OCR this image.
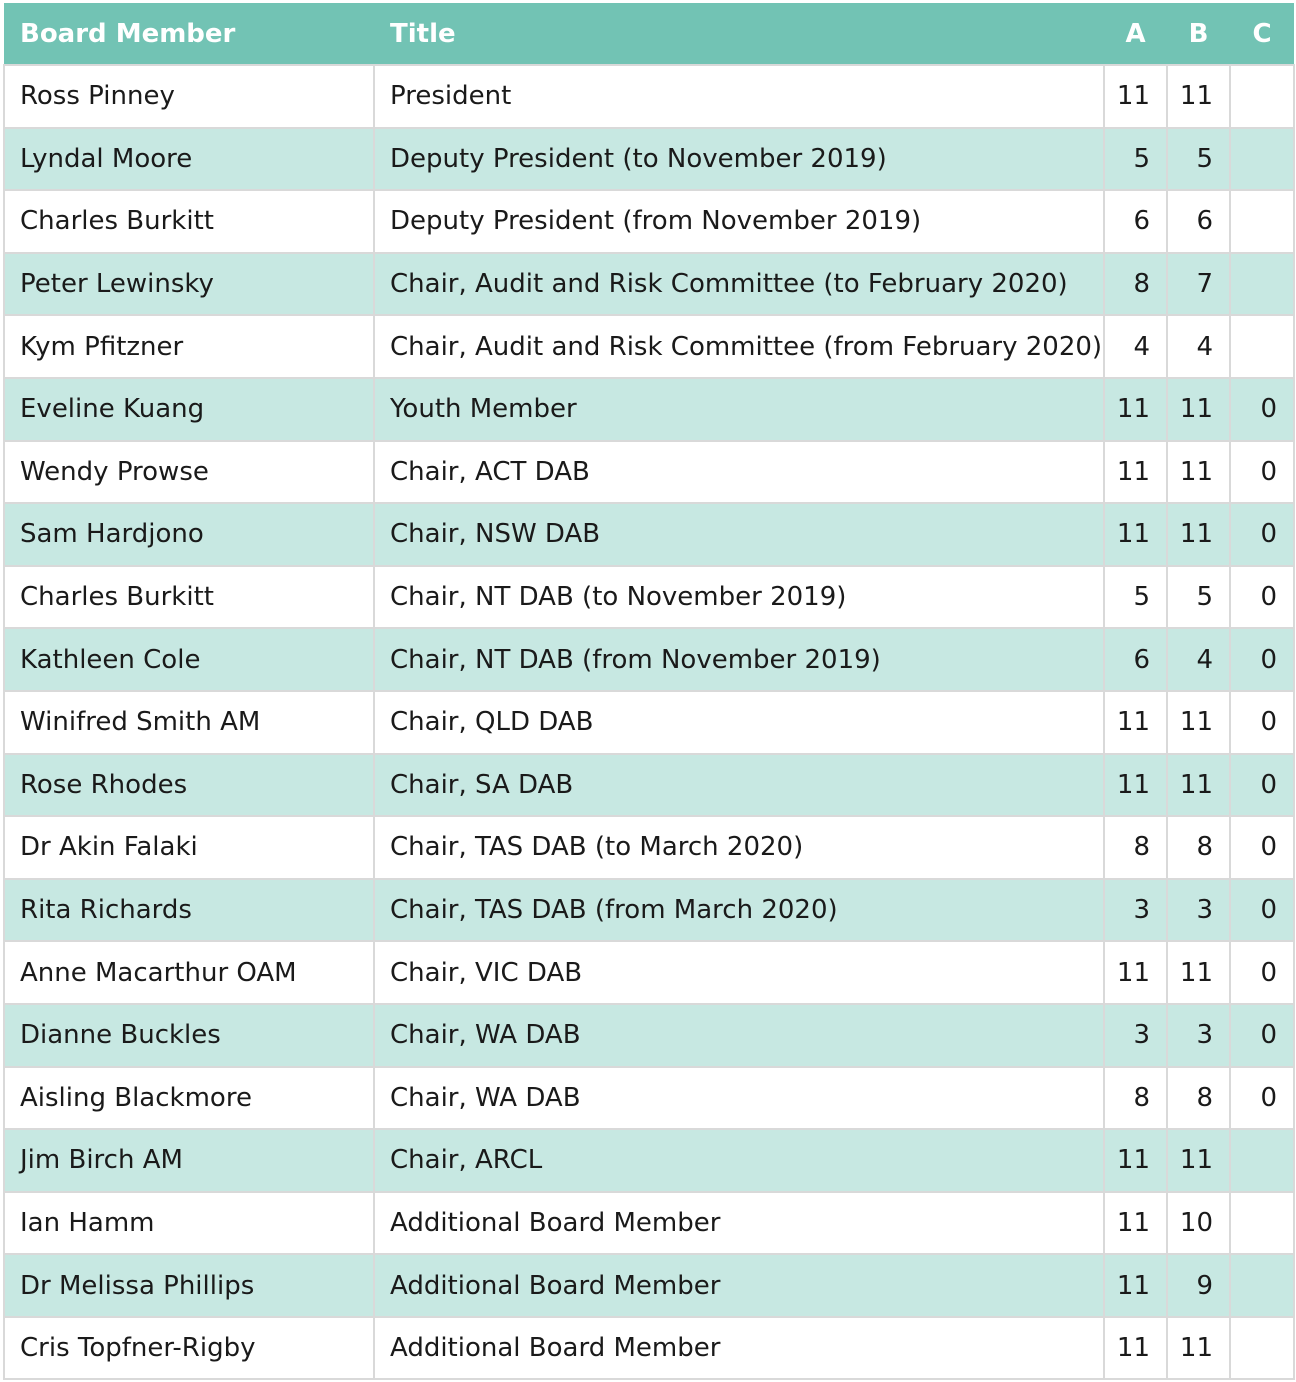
Board Member	Title	A	B	C
Ross Pinney	President	11	11	
Lyndal Moore	Deputy President (to November 2019)	5	5	
Charles Burkitt	Deputy President (from November 2019)	6	6	
Peter Lewinsky	Chair, Audit and Risk Committee (to February 2020)	8	7	
Kym Pfitzner	Chair, Audit and Risk Committee (from February 2020)	4	4	
Eveline Kuang	Youth Member	11	11	0
Wendy Prowse	Chair, ACT DAB	11	11	0
Sam Hardjono	Chair, NSW DAB	11	11	0
Charles Burkitt	Chair, NT DAB (to November 2019)	5	5	0
Kathleen Cole	Chair, NT DAB (from November 2019)	6	4	0
Winifred Smith AM	Chair, QLD DAB	11	11	0
Rose Rhodes	Chair, SA DAB	11	11	0
Dr Akin Falaki	Chair, TAS DAB (to March 2020)	8	8	0
Rita Richards	Chair, TAS DAB (from March 2020)	3	3	0
Anne Macarthur OAM	Chair, VIC DAB	11	11	0
Dianne Buckles	Chair, WA DAB	3	3	0
Aisling Blackmore	Chair, WA DAB	8	8	0
Jim Birch AM	Chair, ARCL	11	11	
Ian Hamm	Additional Board Member	11	10	
Dr Melissa Phillips	Additional Board Member	11	9	
Cris Topfner-Rigby	Additional Board Member	11	11	
